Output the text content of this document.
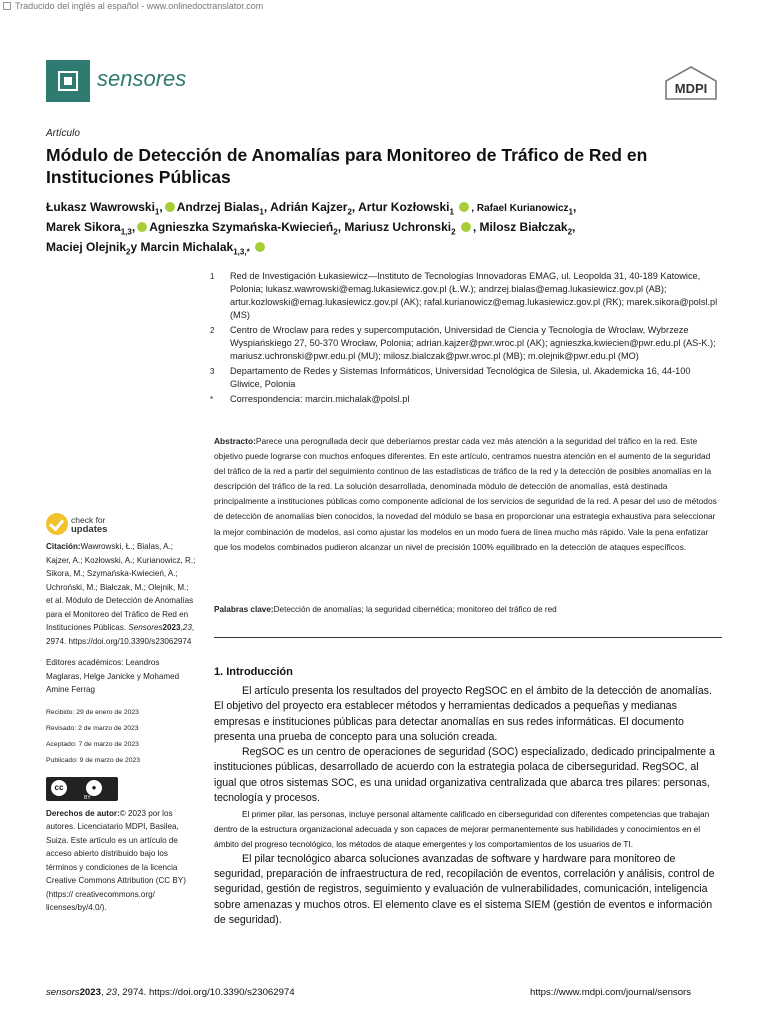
Traducido del inglés al español - www.onlinedoctranslator.com
sensores	MDPI
Artículo
Módulo de Detección de Anomalías para Monitoreo de Tráfico de Red en Instituciones Públicas
Łukasz Wawrowski$_1$, Andrzej Bialas$_1$, Adrián Kajzer$_2$, Artur Kozłowski$_1$ , Rafael Kurianowicz$_1$,
Marek Sikora$_{1,3}$, Agnieszka Szymańska-Kwiecień$_2$, Mariusz Uchronski$_2$ , Milosz Białczak$_2$,
Maciej Olejnik$_2$y Marcin Michalak$_{1,3,*}$
1	Red de Investigación Łukasiewicz—Instituto de Tecnologías Innovadoras EMAG, ul. Leopolda 31, 40-189 Katowice, Polonia; lukasz.wawrowski@emag.lukasiewicz.gov.pl (Ł.W.); andrzej.bialas@emag.lukasiewicz.gov.pl (AB); artur.kozlowski@emag.lukasiewicz.gov.pl (AK); rafal.kurianowicz@emag.lukasiewicz.gov.pl (RK); marek.sikora@polsl.pl (MS)
2	Centro de Wroclaw para redes y supercomputación, Universidad de Ciencia y Tecnología de Wroclaw, Wybrzeze Wyspiańskiego 27, 50-370 Wrocław, Polonia; adrian.kajzer@pwr.wroc.pl (AK); agnieszka.kwiecien@pwr.edu.pl (AS-K.); mariusz.uchronski@pwr.edu.pl (MU); milosz.bialczak@pwr.wroc.pl (MB); m.olejnik@pwr.edu.pl (MO)
3	Departamento de Redes y Sistemas Informáticos, Universidad Tecnológica de Silesia, ul. Akademicka 16, 44-100 Gliwice, Polonia
*	Correspondencia: marcin.michalak@polsl.pl
Abstracto:Parece una perogrullada decir que deberíamos prestar cada vez más atención a la seguridad del tráfico en la red. Este objetivo puede lograrse con muchos enfoques diferentes. En este artículo, centramos nuestra atención en el aumento de la seguridad del tráfico de la red a partir del seguimiento continuo de las estadísticas de tráfico de la red y la detección de posibles anomalías en la descripción del tráfico de la red. La solución desarrollada, denominada módulo de detección de anomalías, está destinada principalmente a instituciones públicas como componente adicional de los servicios de seguridad de la red. A pesar del uso de métodos de detección de anomalías bien conocidos, la novedad del módulo se basa en proporcionar una estrategia exhaustiva para seleccionar la mejor combinación de modelos, así como ajustar los modelos en un modo fuera de línea mucho más rápido. Vale la pena enfatizar que los modelos combinados pudieron alcanzar un nivel de precisión 100% equilibrado en la detección de ataques específicos.
Palabras clave:Detección de anomalías; la seguridad cibernética; monitoreo del tráfico de red
1. Introducción

El artículo presenta los resultados del proyecto RegSOC en el ámbito de la detección de anomalías. El objetivo del proyecto era establecer métodos y herramientas dedicados a pequeñas y medianas empresas e instituciones públicas para detectar anomalías en sus redes informáticas. El documento presenta una prueba de concepto para una solución creada.

RegSOC es un centro de operaciones de seguridad (SOC) especializado, dedicado principalmente a instituciones públicas, desarrollado de acuerdo con la estrategia polaca de ciberseguridad. RegSOC, al igual que otros sistemas SOC, es una unidad organizativa centralizada que abarca tres pilares: personas, tecnología y procesos.

El primer pilar, las personas, incluye personal altamente calificado en ciberseguridad con diferentes competencias que trabajan dentro de la estructura organizacional adecuada y son capaces de mejorar permanentemente sus habilidades y conocimientos en el ámbito del progreso tecnológico, los métodos de ataque emergentes y los comportamientos de los usuarios de TI.

El pilar tecnológico abarca soluciones avanzadas de software y hardware para monitoreo de seguridad, preparación de infraestructura de red, recopilación de eventos, correlación y análisis, control de seguridad, gestión de registros, seguimiento y evaluación de vulnerabilidades, comunicación, inteligencia sobre amenazas y muchos otros. El elemento clave es el sistema SIEM (gestión de eventos e información de seguridad).

check for
updates

Citación:Wawrowski, Ł.; Bialas, A.; Kajzer, A.; Kozłowski, A.; Kurianowicz, R.; Sikora, M.; Szymańska-Kwiecień, A.; Uchroński, M.; Białczak, M.; Olejnik, M.; et al. Módulo de Detección de Anomalías para el Monitoreo del Tráfico de Red en Instituciones Públicas. Sensores2023,23, 2974. https://doi.org/10.3390/s23062974

Editores académicos: Leandros Maglaras, Helge Janicke y Mohamed Amine Ferrag

Recibido: 29 de enero de 2023
Revisado: 2 de marzo de 2023
Aceptado: 7 de marzo de 2023
Publicado: 9 de marzo de 2023
cc	●
BY

Derechos de autor:© 2023 por los autores. Licenciatario MDPI, Basilea, Suiza. Este artículo es un artículo de acceso abierto distribuido bajo los términos y condiciones de la licencia Creative Commons Attribution (CC BY) (https:// creativecommons.org/ licenses/by/4.0/).

sensors2023, 23, 2974. https://doi.org/10.3390/s23062974	https://www.mdpi.com/journal/sensors
